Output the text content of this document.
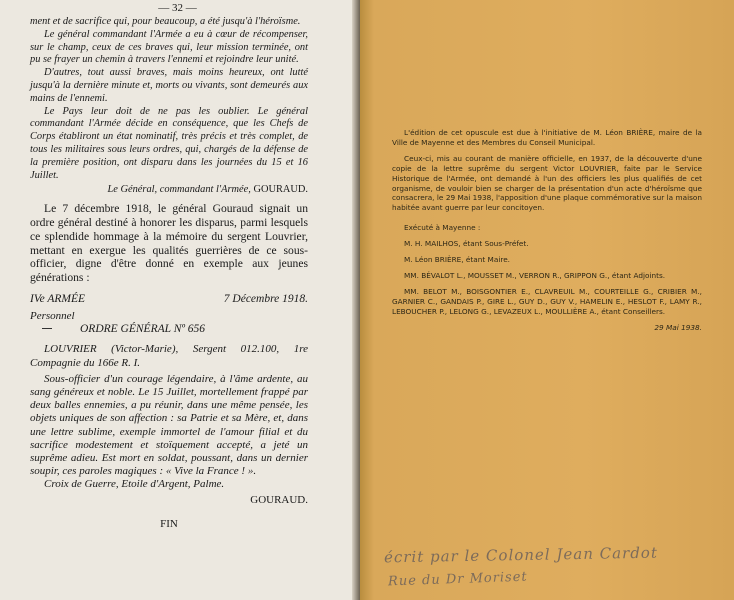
— 32 —

ment et de sacrifice qui, pour beaucoup, a été jusqu'à l'héroïsme.

Le général commandant l'Armée a eu à cœur de récompenser, sur le champ, ceux de ces braves qui, leur mission terminée, ont pu se frayer un chemin à travers l'ennemi et rejoindre leur unité.

D'autres, tout aussi braves, mais moins heureux, ont lutté jusqu'à la dernière minute et, morts ou vivants, sont demeurés aux mains de l'ennemi.

Le Pays leur doit de ne pas les oublier. Le général commandant l'Armée décide en conséquence, que les Chefs de Corps établiront un état nominatif, très précis et très complet, de tous les militaires sous leurs ordres, qui, chargés de la défense de la première position, ont disparu dans les journées du 15 et 16 Juillet.

Le Général, commandant l'Armée, GOURAUD.

Le 7 décembre 1918, le général Gouraud signait un ordre général destiné à honorer les disparus, parmi lesquels ce splendide hommage à la mémoire du sergent Louvrier, mettant en exergue les qualités guerrières de ce sous-officier, digne d'être donné en exemple aux jeunes générations :

IVe ARMÉE	7 Décembre 1918.

Personnel

ORDRE GÉNÉRAL Nº 656

LOUVRIER (Victor-Marie), Sergent 012.100, 1re Compagnie du 166e R. I.

Sous-officier d'un courage légendaire, à l'âme ardente, au sang généreux et noble. Le 15 Juillet, mortellement frappé par deux balles ennemies, a pu réunir, dans une même pensée, les objets uniques de son affection : sa Patrie et sa Mère, et, dans une lettre sublime, exemple immortel de l'amour filial et du sacrifice modestement et stoïquement accepté, a jeté un suprême adieu. Est mort en soldat, poussant, dans un dernier soupir, ces paroles magiques : « Vive la France ! ».

Croix de Guerre, Etoile d'Argent, Palme.

GOURAUD.

FIN

L'édition de cet opuscule est due à l'initiative de M. Léon BRIÈRE, maire de la Ville de Mayenne et des Membres du Conseil Municipal.

Ceux-ci, mis au courant de manière officielle, en 1937, de la découverte d'une copie de la lettre suprême du sergent Victor LOUVRIER, faite par le Service Historique de l'Armée, ont demandé à l'un des officiers les plus qualifiés de cet organisme, de vouloir bien se charger de la présentation d'un acte d'héroïsme que consacrera, le 29 Mai 1938, l'apposition d'une plaque commémorative sur la maison habitée avant guerre par leur concitoyen.

Exécuté à Mayenne :

M. H. MAILHOS, étant Sous-Préfet.

M. Léon BRIÈRE, étant Maire.

MM. BÉVALOT L., MOUSSET M., VERRON R., GRIPPON G., étant Adjoints.

MM. BELOT M., BOISGONTIER E., CLAVREUIL M., COURTEILLE G., CRIBIER M., GARNIER C., GANDAIS P., GIRE L., GUY D., GUY V., HAMELIN E., HESLOT F., LAMY R., LEBOUCHER P., LELONG G., LEVAZEUX L., MOULLIÈRE A., étant Conseillers.

29 Mai 1938.

écrit par le Colonel Jean Cardot
Rue du Dr Moriset
